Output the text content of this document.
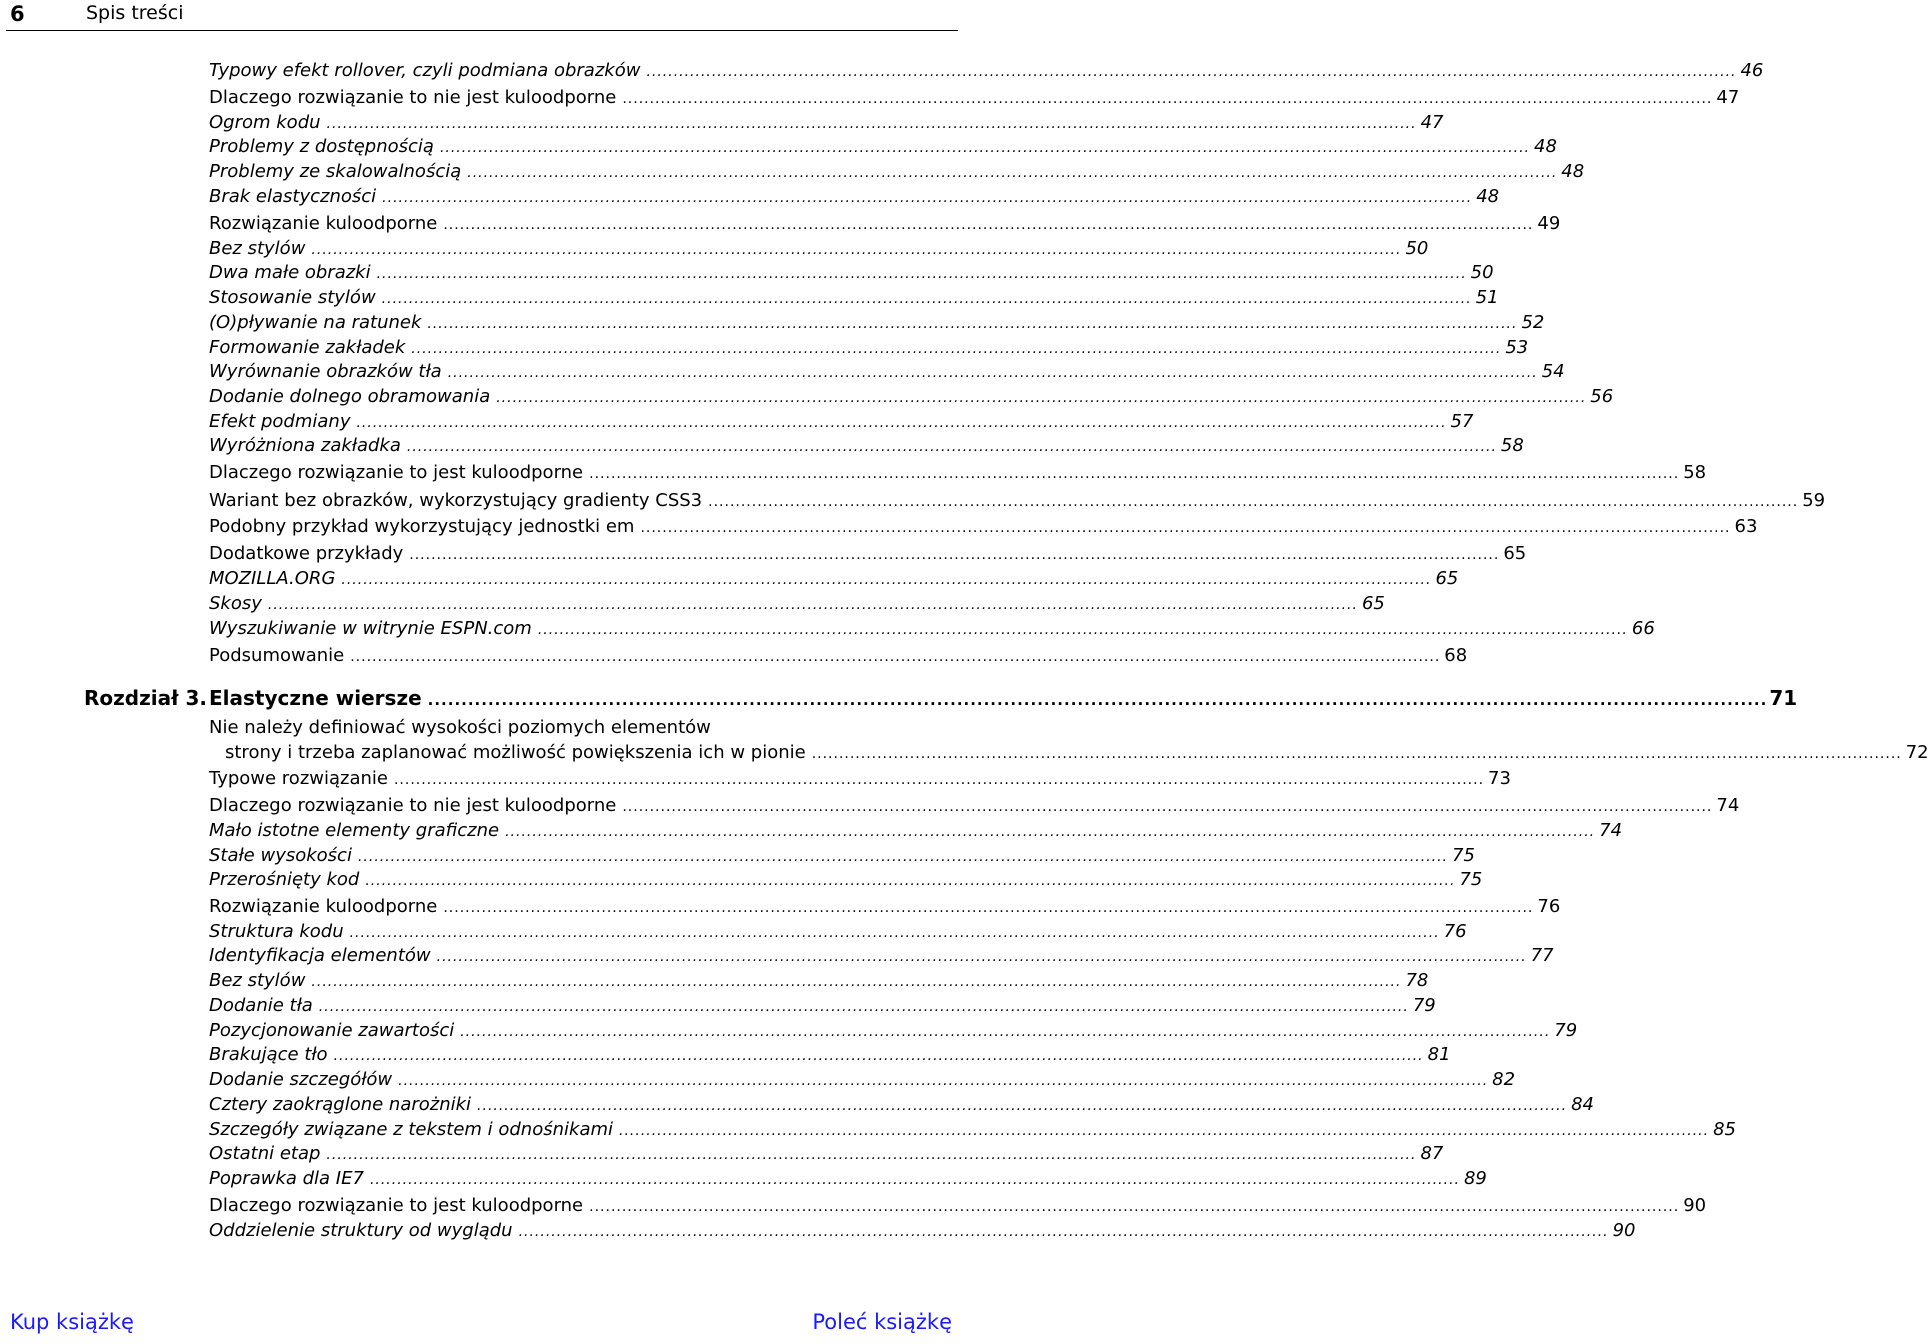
6	Spis treści
Rozdział 3. Elastyczne wiersze ........................................................................................................................................................................................................ 71
Nie należy definiować wysokości poziomych elementów
strony i trzeba zaplanować możliwość powiększenia ich w pionie ........................................................................................................................................................................................................ 72
Typowy efekt rollover, czyli podmiana obrazków ........................................................................................................................................................................................................ 46
Dlaczego rozwiązanie to nie jest kuloodporne ........................................................................................................................................................................................................ 47
Ogrom kodu ........................................................................................................................................................................................................ 47
Problemy z dostępnością ........................................................................................................................................................................................................ 48
Problemy ze skalowalnością ........................................................................................................................................................................................................ 48
Brak elastyczności ........................................................................................................................................................................................................ 48
Rozwiązanie kuloodporne ........................................................................................................................................................................................................ 49
Bez stylów ........................................................................................................................................................................................................ 50
Dwa małe obrazki ........................................................................................................................................................................................................ 50
Stosowanie stylów ........................................................................................................................................................................................................ 51
(O)pływanie na ratunek ........................................................................................................................................................................................................ 52
Formowanie zakładek ........................................................................................................................................................................................................ 53
Wyrównanie obrazków tła ........................................................................................................................................................................................................ 54
Dodanie dolnego obramowania ........................................................................................................................................................................................................ 56
Efekt podmiany ........................................................................................................................................................................................................ 57
Wyróżniona zakładka ........................................................................................................................................................................................................ 58
Dlaczego rozwiązanie to jest kuloodporne ........................................................................................................................................................................................................ 58
Wariant bez obrazków, wykorzystujący gradienty CSS3 ........................................................................................................................................................................................................ 59
Podobny przykład wykorzystujący jednostki em ........................................................................................................................................................................................................ 63
Dodatkowe przykłady ........................................................................................................................................................................................................ 65
MOZILLA.ORG ........................................................................................................................................................................................................ 65
Skosy ........................................................................................................................................................................................................ 65
Wyszukiwanie w witrynie ESPN.com ........................................................................................................................................................................................................ 66
Podsumowanie ........................................................................................................................................................................................................ 68
Typowe rozwiązanie ........................................................................................................................................................................................................ 73
Dlaczego rozwiązanie to nie jest kuloodporne ........................................................................................................................................................................................................ 74
Mało istotne elementy graficzne ........................................................................................................................................................................................................ 74
Stałe wysokości ........................................................................................................................................................................................................ 75
Przerośnięty kod ........................................................................................................................................................................................................ 75
Rozwiązanie kuloodporne ........................................................................................................................................................................................................ 76
Struktura kodu ........................................................................................................................................................................................................ 76
Identyfikacja elementów ........................................................................................................................................................................................................ 77
Bez stylów ........................................................................................................................................................................................................ 78
Dodanie tła ........................................................................................................................................................................................................ 79
Pozycjonowanie zawartości ........................................................................................................................................................................................................ 79
Brakujące tło ........................................................................................................................................................................................................ 81
Dodanie szczegółów ........................................................................................................................................................................................................ 82
Cztery zaokrąglone narożniki ........................................................................................................................................................................................................ 84
Szczegóły związane z tekstem i odnośnikami ........................................................................................................................................................................................................ 85
Ostatni etap ........................................................................................................................................................................................................ 87
Poprawka dla IE7 ........................................................................................................................................................................................................ 89
Dlaczego rozwiązanie to jest kuloodporne ........................................................................................................................................................................................................ 90
Oddzielenie struktury od wyglądu ........................................................................................................................................................................................................ 90
Kup książkę	Poleć książkę
